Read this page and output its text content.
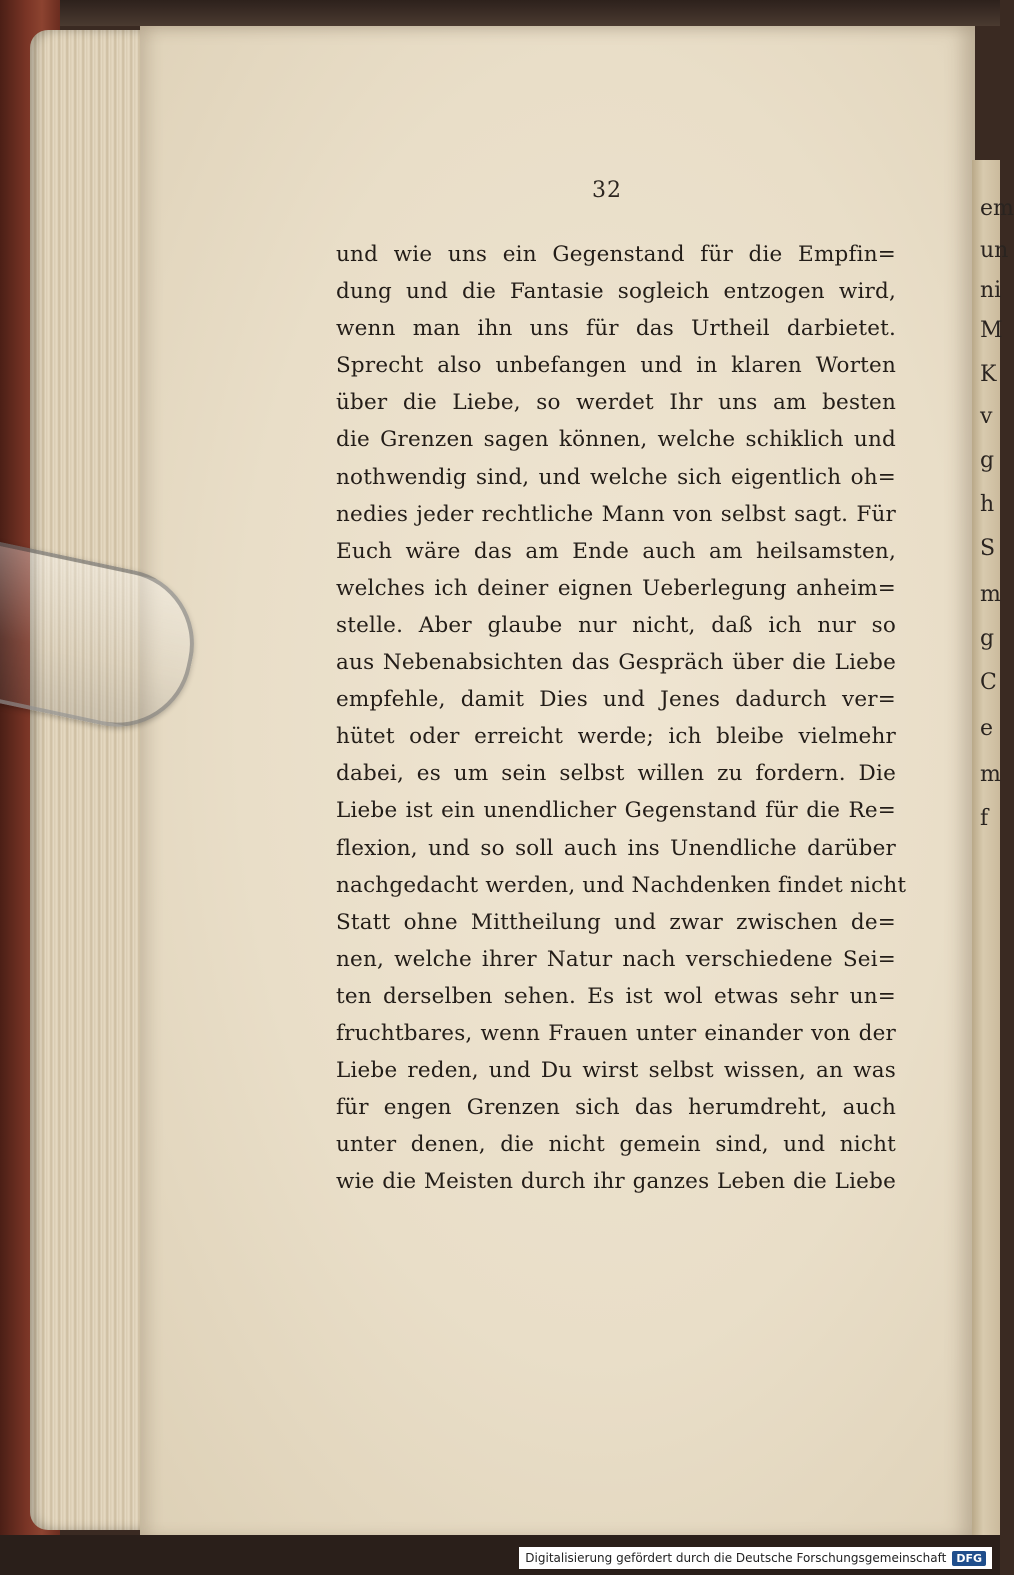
em
un
ni
M
K
v
g
h
S
m
g
C
e
m
f
32
und wie uns ein Gegenstand für die Empfin=
dung und die Fantasie sogleich entzogen wird,
wenn man ihn uns für das Urtheil darbietet.
Sprecht also unbefangen und in klaren Worten
über die Liebe, so werdet Ihr uns am besten
die Grenzen sagen können, welche schiklich und
nothwendig sind, und welche sich eigentlich oh=
nedies jeder rechtliche Mann von selbst sagt. Für
Euch wäre das am Ende auch am heilsamsten,
welches ich deiner eignen Ueberlegung anheim=
stelle. Aber glaube nur nicht, daß ich nur so
aus Nebenabsichten das Gespräch über die Liebe
empfehle, damit Dies und Jenes dadurch ver=
hütet oder erreicht werde; ich bleibe vielmehr
dabei, es um sein selbst willen zu fordern. Die
Liebe ist ein unendlicher Gegenstand für die Re=
flexion, und so soll auch ins Unendliche darüber
nachgedacht werden, und Nachdenken findet nicht
Statt ohne Mittheilung und zwar zwischen de=
nen, welche ihrer Natur nach verschiedene Sei=
ten derselben sehen. Es ist wol etwas sehr un=
fruchtbares, wenn Frauen unter einander von der
Liebe reden, und Du wirst selbst wissen, an was
für engen Grenzen sich das herumdreht, auch
unter denen, die nicht gemein sind, und nicht
wie die Meisten durch ihr ganzes Leben die Liebe
Digitalisierung gefördert durch die Deutsche Forschungsgemeinschaft DFG
